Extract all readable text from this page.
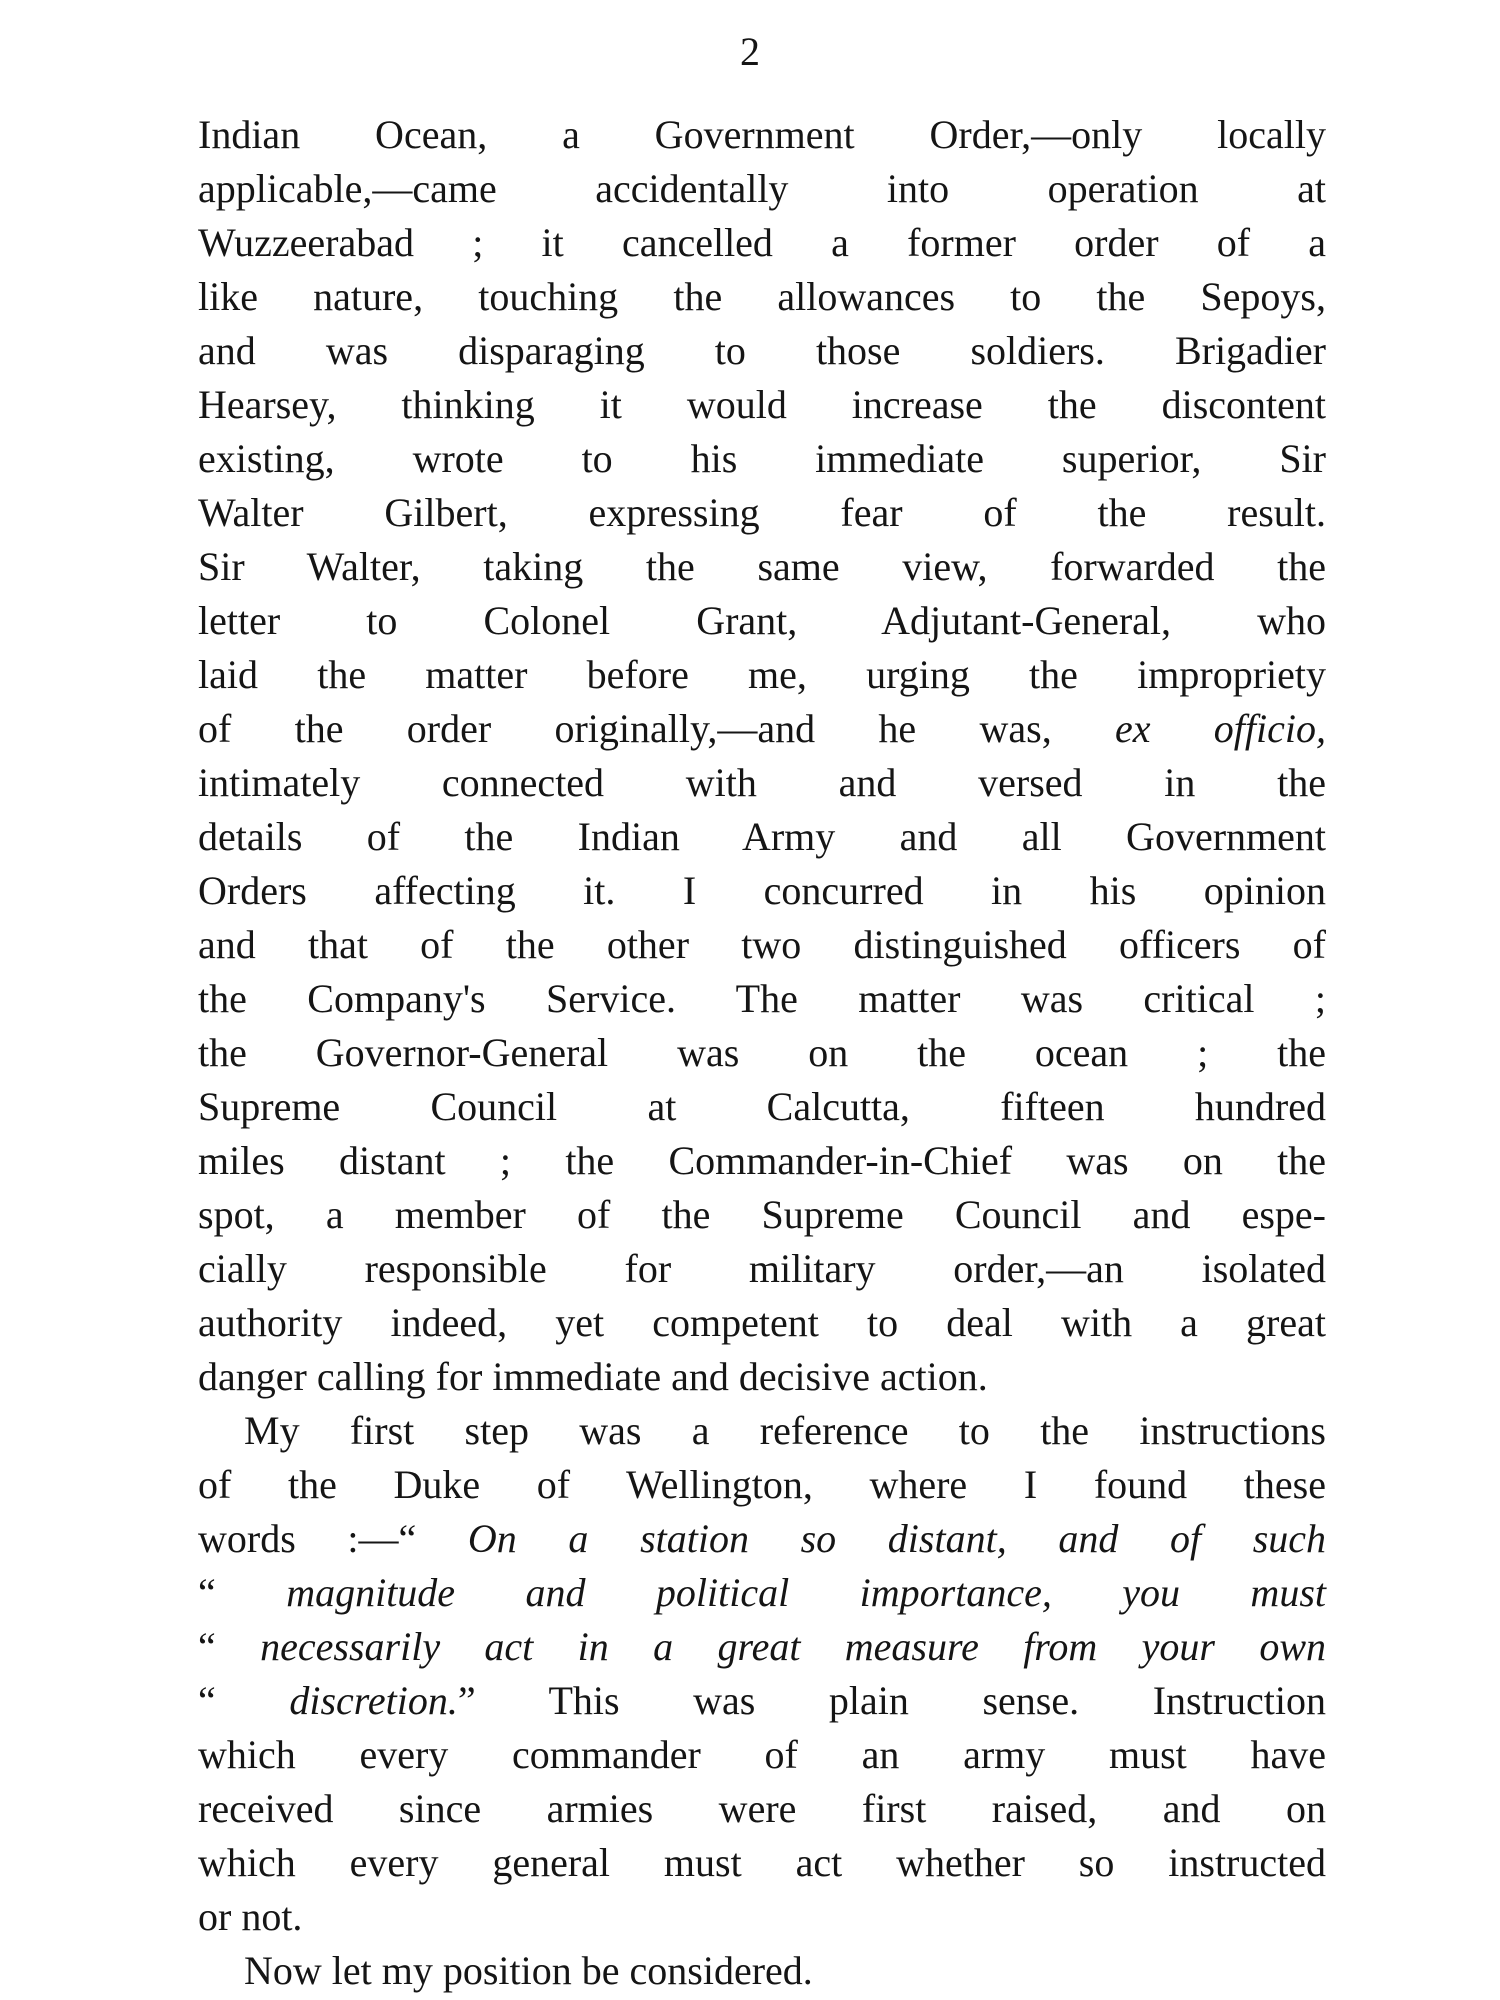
2
Indian Ocean, a Government Order,—only locally
applicable,—came accidentally into operation at
Wuzzeerabad ; it cancelled a former order of a
like nature, touching the allowances to the Sepoys,
and was disparaging to those soldiers. Brigadier
Hearsey, thinking it would increase the discontent
existing, wrote to his immediate superior, Sir
Walter Gilbert, expressing fear of the result.
Sir Walter, taking the same view, forwarded the
letter to Colonel Grant, Adjutant-General, who
laid the matter before me, urging the impropriety
of the order originally,—and he was, ex officio,
intimately connected with and versed in the
details of the Indian Army and all Government
Orders affecting it. I concurred in his opinion
and that of the other two distinguished officers of
the Company's Service. The matter was critical ;
the Governor-General was on the ocean ; the
Supreme Council at Calcutta, fifteen hundred
miles distant ; the Commander-in-Chief was on the
spot, a member of the Supreme Council and espe-
cially responsible for military order,—an isolated
authority indeed, yet competent to deal with a great
danger calling for immediate and decisive action.
My first step was a reference to the instructions
of the Duke of Wellington, where I found these
words :—“ On a station so distant, and of such
“ magnitude and political importance, you must
“ necessarily act in a great measure from your own
“ discretion.” This was plain sense. Instruction
which every commander of an army must have
received since armies were first raised, and on
which every general must act whether so instructed
or not.
Now let my position be considered.
